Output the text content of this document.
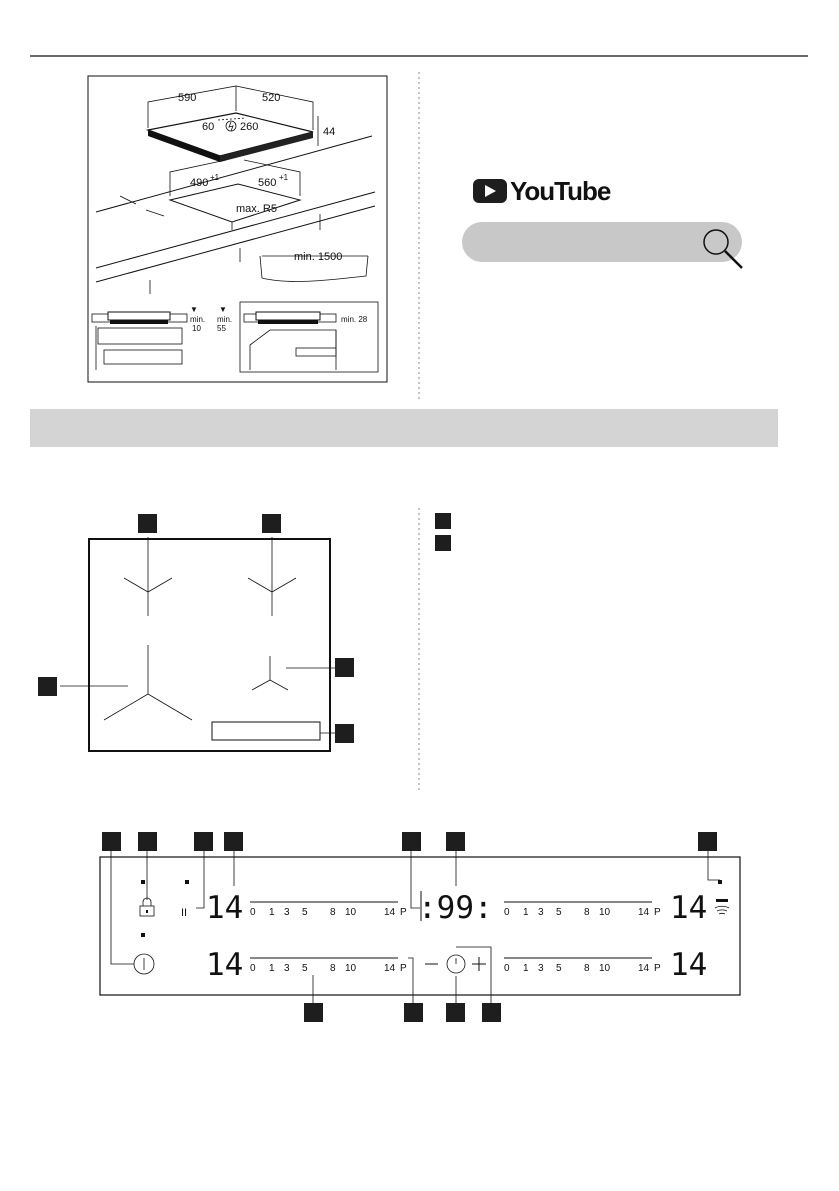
590	520
44
60 260
490 +1	560 +1
max. R5
min. 1500
min. min.
10 55
▼	▼
min. 28
YouTube
II 14
14
14
14
:99:
0 1 3 5 8 10	14 P
0 1 3 5 8 10	14 P
0 1 3 5 8 10	14 P
0 1 3 5 8 10	14 P
